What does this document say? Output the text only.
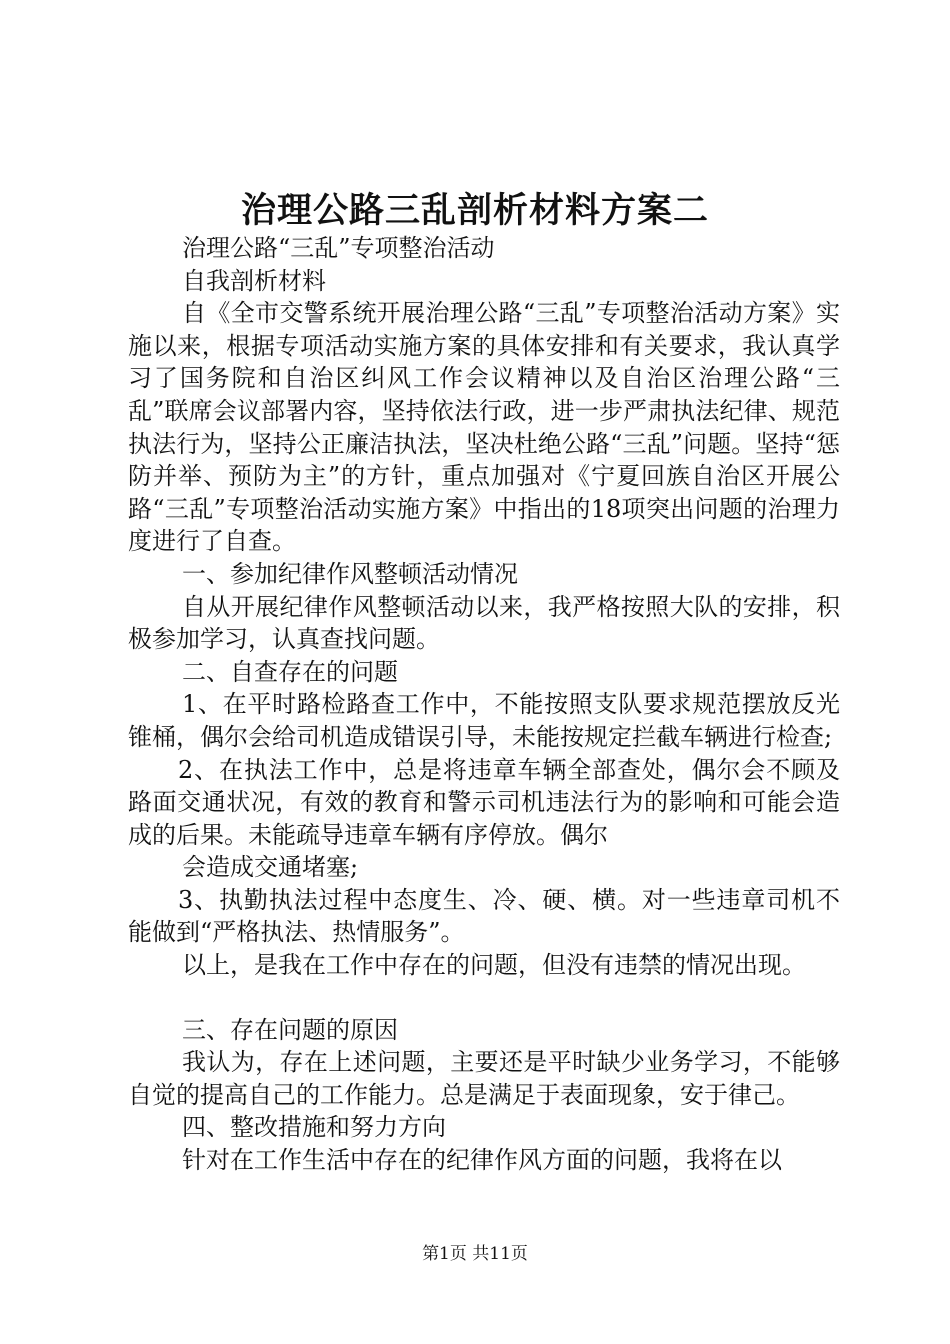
治理公路三乱剖析材料方案二

治理公路“三乱”专项整治活动

自我剖析材料

自《全市交警系统开展治理公路“三乱”专项整治活动方案》实施以来，根据专项活动实施方案的具体安排和有关要求，我认真学习了国务院和自治区纠风工作会议精神以及自治区治理公路“三乱”联席会议部署内容，坚持依法行政，进一步严肃执法纪律、规范执法行为，坚持公正廉洁执法，坚决杜绝公路“三乱”问题。坚持“惩防并举、预防为主”的方针，重点加强对《宁夏回族自治区开展公路“三乱”专项整治活动实施方案》中指出的18项突出问题的治理力度进行了自查。

一、参加纪律作风整顿活动情况

自从开展纪律作风整顿活动以来，我严格按照大队的安排，积极参加学习，认真查找问题。

二、自查存在的问题

1、在平时路检路查工作中，不能按照支队要求规范摆放反光锥桶，偶尔会给司机造成错误引导，未能按规定拦截车辆进行检查;

2、在执法工作中，总是将违章车辆全部查处，偶尔会不顾及路面交通状况，有效的教育和警示司机违法行为的影响和可能会造成的后果。未能疏导违章车辆有序停放。偶尔

会造成交通堵塞;

3、执勤执法过程中态度生、冷、硬、横。对一些违章司机不能做到“严格执法、热情服务”。

以上，是我在工作中存在的问题，但没有违禁的情况出现。

三、存在问题的原因

我认为，存在上述问题，主要还是平时缺少业务学习，不能够自觉的提高自己的工作能力。总是满足于表面现象，安于律己。

四、整改措施和努力方向

针对在工作生活中存在的纪律作风方面的问题，我将在以

第1页 共11页
